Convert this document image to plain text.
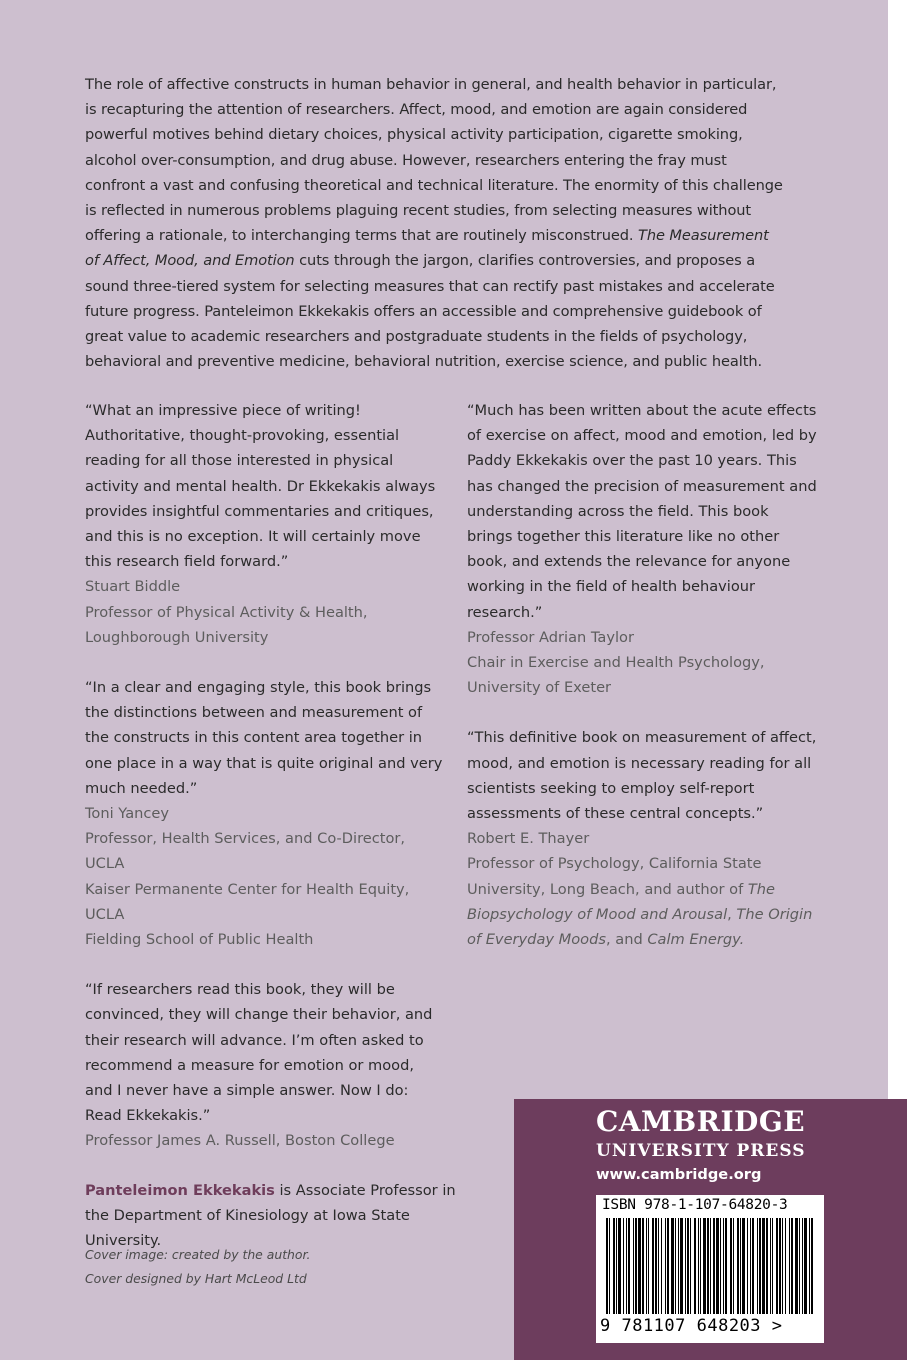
The role of affective constructs in human behavior in general, and health behavior in particular, is recapturing the attention of researchers. Affect, mood, and emotion are again considered powerful motives behind dietary choices, physical activity participation, cigarette smoking, alcohol over-consumption, and drug abuse. However, researchers entering the fray must confront a vast and confusing theoretical and technical literature. The enormity of this challenge is reflected in numerous problems plaguing recent studies, from selecting measures without offering a rationale, to interchanging terms that are routinely misconstrued. The Measurement of Affect, Mood, and Emotion cuts through the jargon, clarifies controversies, and proposes a sound three-tiered system for selecting measures that can rectify past mistakes and accelerate future progress. Panteleimon Ekkekakis offers an accessible and comprehensive guidebook of great value to academic researchers and postgraduate students in the fields of psychology, behavioral and preventive medicine, behavioral nutrition, exercise science, and public health.

“What an impressive piece of writing! Authoritative, thought-provoking, essential reading for all those interested in physical activity and mental health. Dr Ekkekakis always provides insightful commentaries and critiques, and this is no exception. It will certainly move this research field forward.”

Stuart Biddle
Professor of Physical Activity & Health,
Loughborough University

“In a clear and engaging style, this book brings the distinctions between and measurement of the constructs in this content area together in one place in a way that is quite original and very much needed.”

Toni Yancey
Professor, Health Services, and Co-Director, UCLA
Kaiser Permanente Center for Health Equity, UCLA
Fielding School of Public Health

“If researchers read this book, they will be convinced, they will change their behavior, and their research will advance. I’m often asked to recommend a measure for emotion or mood, and I never have a simple answer. Now I do: Read Ekkekakis.”

Professor James A. Russell, Boston College

“Much has been written about the acute effects of exercise on affect, mood and emotion, led by Paddy Ekkekakis over the past 10 years. This has changed the precision of measurement and understanding across the field. This book brings together this literature like no other book, and extends the relevance for anyone working in the field of health behaviour research.”

Professor Adrian Taylor
Chair in Exercise and Health Psychology,
University of Exeter

“This definitive book on measurement of affect, mood, and emotion is necessary reading for all scientists seeking to employ self-report assessments of these central concepts.”

Robert E. Thayer
Professor of Psychology, California State University, Long Beach, and author of The Biopsychology of Mood and Arousal, The Origin of Everyday Moods, and Calm Energy.

Panteleimon Ekkekakis is Associate Professor in the Department of Kinesiology at Iowa State University.

Cover image: created by the author.
Cover designed by Hart McLeod Ltd
CAMBRIDGE
UNIVERSITY PRESS
www.cambridge.org
ISBN 978-1-107-64820-3
9 781107 648203 >
